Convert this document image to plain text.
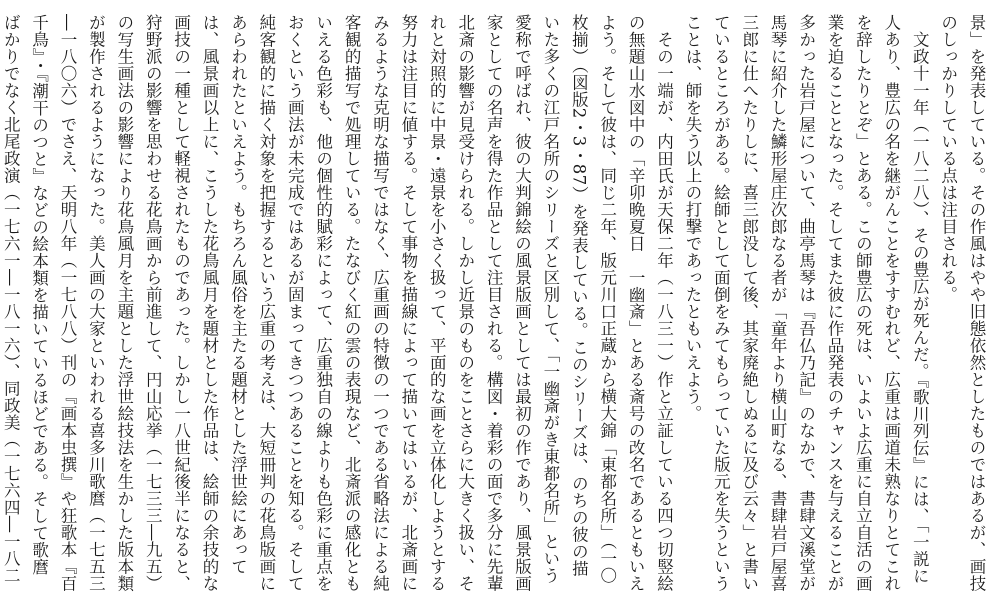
景」を発表している。その作風はやや旧態依然としたものではあるが、画技のしっかりしている点は注目される。

文政十一年（一八二八）、その豊広が死んだ。『歌川列伝』には、「一説に人あり、豊広の名を継がんことをすすむれど、広重は画道未熟なりとてこれを辞したりとぞ」とある。この師豊広の死は、いよいよ広重に自立自活の画業を迫ることとなった。そしてまた彼に作品発表のチャンスを与えることが多かった岩戸屋について、曲亭馬琴は『吾仏乃記』のなかで、書肆文溪堂が馬琴に紹介した鱗形屋庄次郎なる者が「童年より横山町なる、書肆岩戸屋喜三郎に仕へたりしに、喜三郎没して後、其家廃絶しぬるに及び云々」と書いているところがある。絵師として面倒をみてもらっていた版元を失うということは、師を失う以上の打撃であったともいえよう。

その一端が、内田氏が天保二年（一八三一）作と立証している四つ切竪絵の無題山水図中の「辛卯晩夏日　一幽斎」とある斎号の改名であるともいえよう。そして彼は、同じ二年、版元川口正蔵から横大錦「東都名所」（一〇枚揃）（図版2・3・87）を発表している。このシリーズは、のちの彼の描いた多くの江戸名所のシリーズと区別して、「一幽斎がき東都名所」という愛称で呼ばれ、彼の大判錦絵の風景版画としては最初の作であり、風景版画家としての名声を得た作品として注目される。構図・着彩の面で多分に先輩北斎の影響が見受けられる。しかし近景のものをことさらに大きく扱い、それと対照的に中景・遠景を小さく扱って、平面的な画を立体化しようとする努力は注目に値する。そして事物を描線によって描いてはいるが、北斎画にみるような克明な描写ではなく、広重画の特徴の一つである省略法による純客観的描写で処理している。たなびく紅の雲の表現など、北斎派の感化ともいえる色彩も、他の個性的賦彩によって、広重独自の線よりも色彩に重点をおくという画法が未完成ではあるが固まってきつつあることを知る。そして純客観的に描く対象を把握するという広重の考えは、大短冊判の花鳥版画にあらわれたといえよう。もちろん風俗を主たる題材とした浮世絵にあっては、風景画以上に、こうした花鳥風月を題材とした作品は、絵師の余技的な画技の一種として軽視されたものであった。しかし一八世紀後半になると、狩野派の影響を思わせる花鳥画から前進して、円山応挙（一七三三―九五）の写生画法の影響により花鳥風月を主題とした浮世絵技法を生かした版本類が製作されるようになった。美人画の大家といわれる喜多川歌麿（一七五三―一八〇六）でさえ、天明八年（一七八八）刊の『画本虫撰』や狂歌本『百千鳥』・『潮干のつと』などの絵本類を描いているほどである。そして歌麿ばかりでなく北尾政演（一七六一―一八一六）、同政美（一七六四―一八二
